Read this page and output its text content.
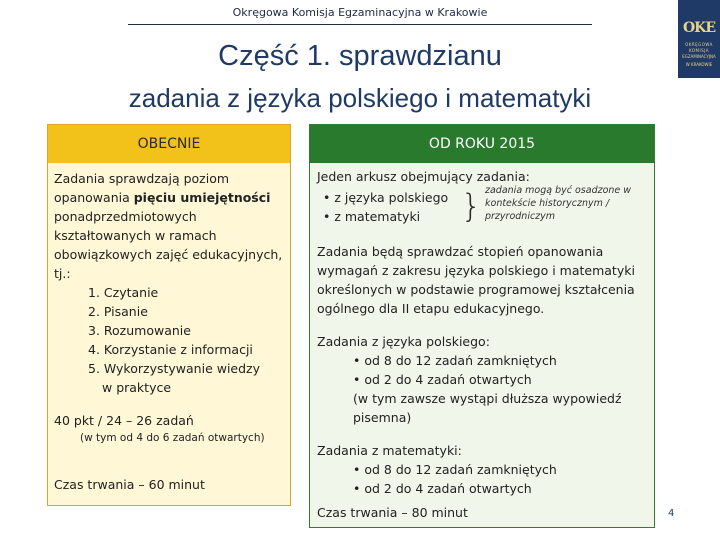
Okręgowa Komisja Egzaminacyjna w Krakowie
Część 1. sprawdzianu
zadania z języka polskiego i matematyki
OKE
OKRĘGOWA
KOMISJA
EGZAMINACYJNA
W KRAKOWIE
OBECNIE
Zadania sprawdzają poziom opanowania pięciu umiejętności ponadprzedmiotowych kształtowanych w ramach obowiązkowych zajęć edukacyjnych, tj.:
1. Czytanie
2. Pisanie
3. Rozumowanie
4. Korzystanie z informacji
5. Wykorzystywanie wiedzy
w praktyce
40 pkt / 24 – 26 zadań
(w tym od 4 do 6 zadań otwartych)
Czas trwania – 60 minut
OD ROKU 2015
Jeden arkusz obejmujący zadania:
• z języka polskiego
• z matematyki	} zadania mogą być osadzone w kontekście historycznym / przyrodniczym
Zadania będą sprawdzać stopień opanowania wymagań z zakresu języka polskiego i matematyki określonych w podstawie programowej kształcenia ogólnego dla II etapu edukacyjnego.
Zadania z języka polskiego:
• od 8 do 12 zadań zamkniętych
• od 2 do 4 zadań otwartych
(w tym zawsze wystąpi dłuższa wypowiedź pisemna)
Zadania z matematyki:
• od 8 do 12 zadań zamkniętych
• od 2 do 4 zadań otwartych
Czas trwania – 80 minut	4
